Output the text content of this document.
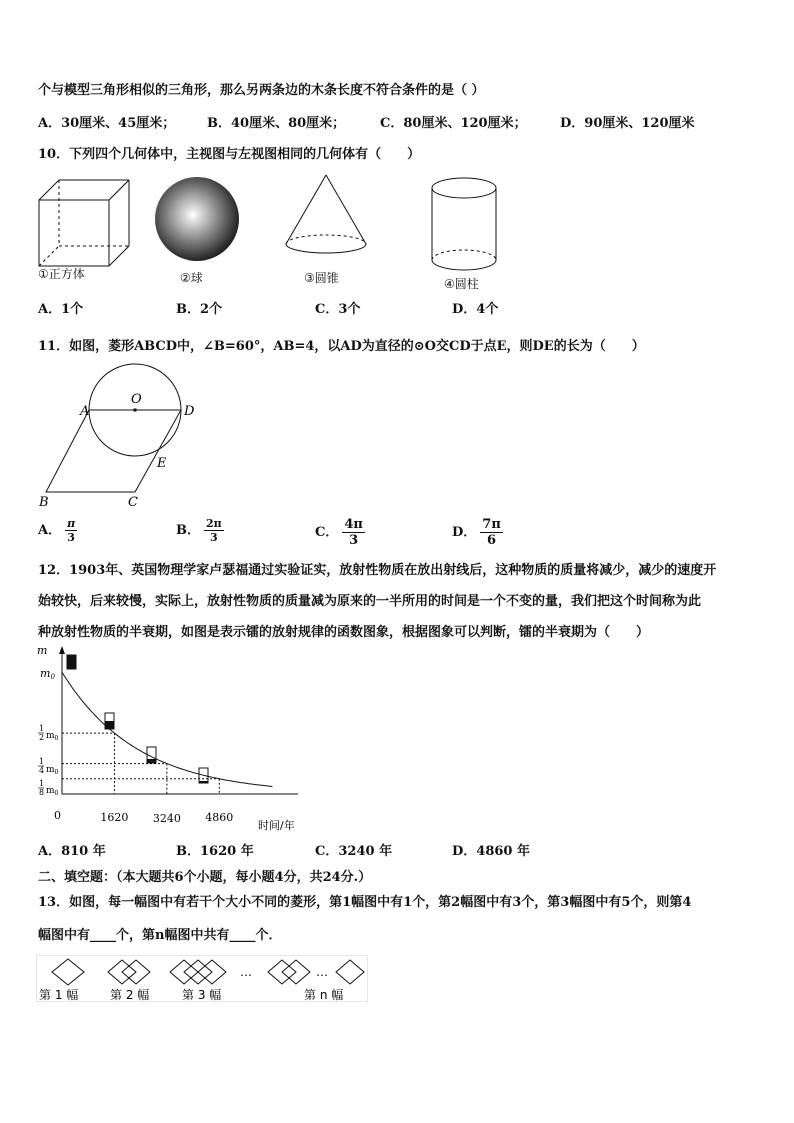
个与模型三角形相似的三角形，那么另两条边的木条长度不符合条件的是（ ）
A．30厘米、45厘米； B．40厘米、80厘米；	C．80厘米、120厘米；	D．90厘米、120厘米
10．下列四个几何体中，主视图与左视图相同的几何体有（　　）
①正方体	②球	③圆锥	④圆柱
A．1个	B．2个	C．3个	D．4个
11．如图，菱形ABCD中，∠B=60°，AB=4，以AD为直径的⊙O交CD于点E，则DE的长为（　　）
A
O
D
E
B	C
A． $\frac{\pi}{3}$	B． $\frac{2\pi}{3}$	C． $\frac{4\pi}{3}$	D． $\frac{7\pi}{6}$
12．1903年、英国物理学家卢瑟福通过实验证实，放射性物质在放出射线后，这种物质的质量将减少，减少的速度开
始较快，后来较慢，实际上，放射性物质的质量减为原来的一半所用的时间是一个不变的量，我们把这个时间称为此
种放射性物质的半衰期，如图是表示镭的放射规律的函数图象，根据图象可以判断，镭的半衰期为（　　）
m
m0
1
2 $m_0$
1
4 $m_0$
1
8 $m_0$
0	1620 3240 4860
时间/年
A．810 年	B．1620 年	C．3240 年	D．4860 年
二、填空题：（本大题共6个小题，每小题4分，共24分.）
13．如图，每一幅图中有若干个大小不同的菱形，第1幅图中有1个，第2幅图中有3个，第3幅图中有5个，则第4
幅图中有____个，第n幅图中共有____个．
…	…
第 1 幅	第 2 幅	第 3 幅	第 n 幅
